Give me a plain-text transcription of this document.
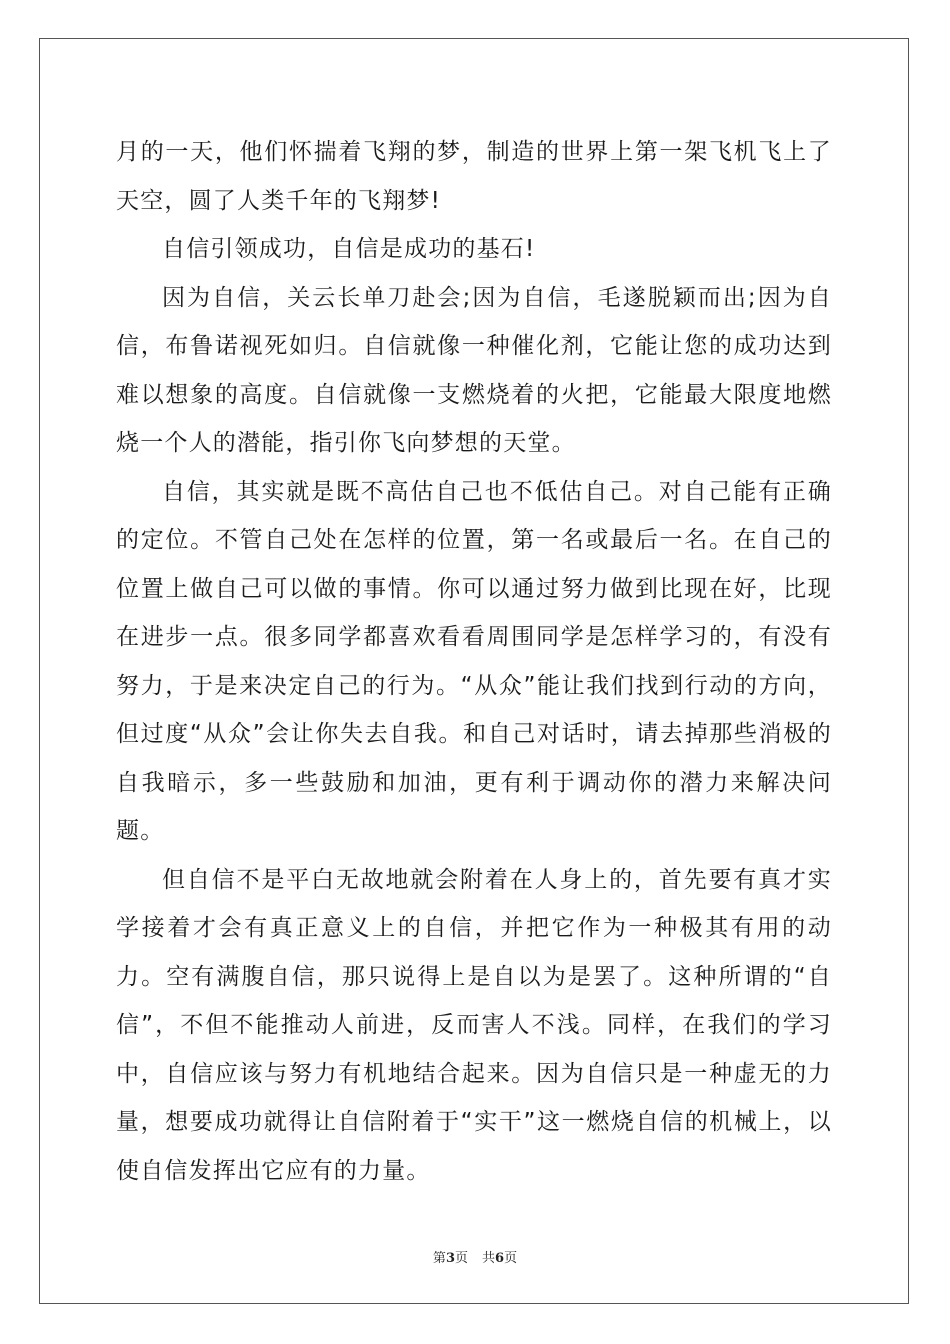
月的一天，他们怀揣着飞翔的梦，制造的世界上第一架飞机飞上了天空，圆了人类千年的飞翔梦!

自信引领成功，自信是成功的基石!

因为自信，关云长单刀赴会;因为自信，毛遂脱颖而出;因为自信，布鲁诺视死如归。自信就像一种催化剂，它能让您的成功达到难以想象的高度。自信就像一支燃烧着的火把，它能最大限度地燃烧一个人的潜能，指引你飞向梦想的天堂。

自信，其实就是既不高估自己也不低估自己。对自己能有正确的定位。不管自己处在怎样的位置，第一名或最后一名。在自己的位置上做自己可以做的事情。你可以通过努力做到比现在好，比现在进步一点。很多同学都喜欢看看周围同学是怎样学习的，有没有努力，于是来决定自己的行为。“从众”能让我们找到行动的方向，但过度“从众”会让你失去自我。和自己对话时，请去掉那些消极的自我暗示，多一些鼓励和加油，更有利于调动你的潜力来解决问题。

但自信不是平白无故地就会附着在人身上的，首先要有真才实学接着才会有真正意义上的自信，并把它作为一种极其有用的动力。空有满腹自信，那只说得上是自以为是罢了。这种所谓的“自信”，不但不能推动人前进，反而害人不浅。同样，在我们的学习中，自信应该与努力有机地结合起来。因为自信只是一种虚无的力量，想要成功就得让自信附着于“实干”这一燃烧自信的机械上，以使自信发挥出它应有的力量。

第3页 共6页
